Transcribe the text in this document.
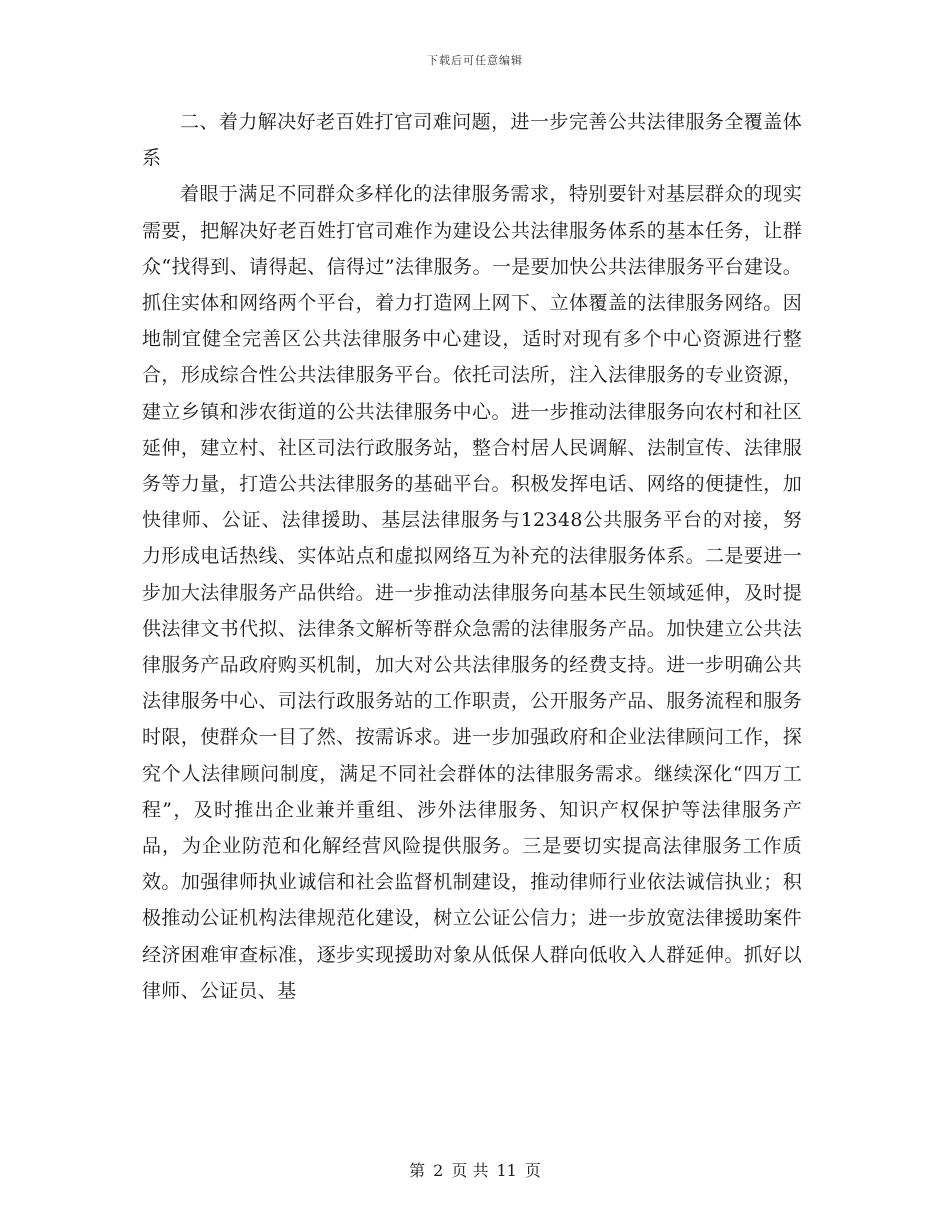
下载后可任意编辑

二、着力解决好老百姓打官司难问题，进一步完善公共法律服务全覆盖体系

着眼于满足不同群众多样化的法律服务需求，特别要针对基层群众的现实需要，把解决好老百姓打官司难作为建设公共法律服务体系的基本任务，让群众“找得到、请得起、信得过”法律服务。一是要加快公共法律服务平台建设。抓住实体和网络两个平台，着力打造网上网下、立体覆盖的法律服务网络。因地制宜健全完善区公共法律服务中心建设，适时对现有多个中心资源进行整合，形成综合性公共法律服务平台。依托司法所，注入法律服务的专业资源，建立乡镇和涉农街道的公共法律服务中心。进一步推动法律服务向农村和社区延伸，建立村、社区司法行政服务站，整合村居人民调解、法制宣传、法律服务等力量，打造公共法律服务的基础平台。积极发挥电话、网络的便捷性，加快律师、公证、法律援助、基层法律服务与12348公共服务平台的对接，努力形成电话热线、实体站点和虚拟网络互为补充的法律服务体系。二是要进一步加大法律服务产品供给。进一步推动法律服务向基本民生领域延伸，及时提供法律文书代拟、法律条文解析等群众急需的法律服务产品。加快建立公共法律服务产品政府购买机制，加大对公共法律服务的经费支持。进一步明确公共法律服务中心、司法行政服务站的工作职责，公开服务产品、服务流程和服务时限，使群众一目了然、按需诉求。进一步加强政府和企业法律顾问工作，探究个人法律顾问制度，满足不同社会群体的法律服务需求。继续深化“四万工程”，及时推出企业兼并重组、涉外法律服务、知识产权保护等法律服务产品，为企业防范和化解经营风险提供服务。三是要切实提高法律服务工作质效。加强律师执业诚信和社会监督机制建设，推动律师行业依法诚信执业；积极推动公证机构法律规范化建设，树立公证公信力；进一步放宽法律援助案件经济困难审查标准，逐步实现援助对象从低保人群向低收入人群延伸。抓好以律师、公证员、基

第 2 页 共 11 页
